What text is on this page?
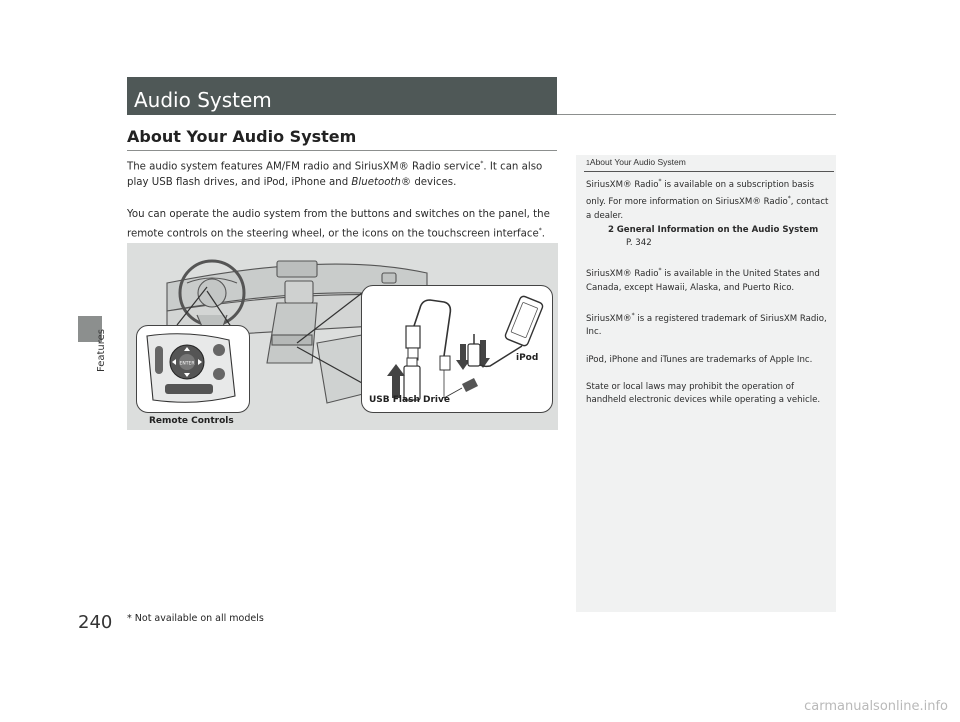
Features
240
Audio System
About Your Audio System

The audio system features AM/FM radio and SiriusXM® Radio service*. It can also play USB flash drives, and iPod, iPhone and Bluetooth® devices.

You can operate the audio system from the buttons and switches on the panel, the remote controls on the steering wheel, or the icons on the touchscreen interface*.

ENTER
Remote Controls
USB Flash Drive
iPod
1About Your Audio System

SiriusXM® Radio* is available on a subscription basis only. For more information on SiriusXM® Radio*, contact a dealer.
2 General Information on the Audio System
P. 342

SiriusXM® Radio* is available in the United States and Canada, except Hawaii, Alaska, and Puerto Rico.

SiriusXM®* is a registered trademark of SiriusXM Radio, Inc.

iPod, iPhone and iTunes are trademarks of Apple Inc.

State or local laws may prohibit the operation of handheld electronic devices while operating a vehicle.

* Not available on all models
carmanualsonline.info
